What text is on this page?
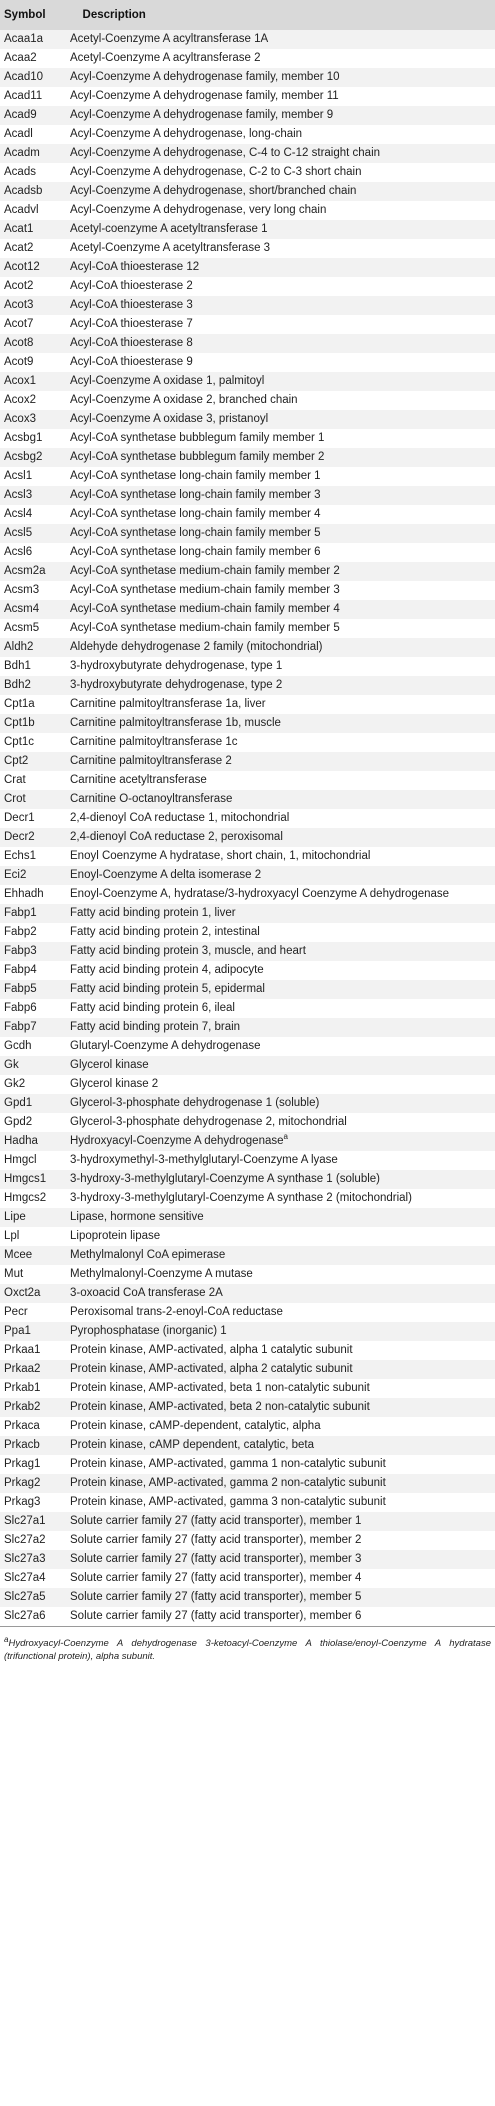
Symbol Description	
Acaa1a	Acetyl-Coenzyme A acyltransferase 1A
Acaa2	Acetyl-Coenzyme A acyltransferase 2
Acad10	Acyl-Coenzyme A dehydrogenase family, member 10
Acad11	Acyl-Coenzyme A dehydrogenase family, member 11
Acad9	Acyl-Coenzyme A dehydrogenase family, member 9
Acadl	Acyl-Coenzyme A dehydrogenase, long-chain
Acadm	Acyl-Coenzyme A dehydrogenase, C-4 to C-12 straight chain
Acads	Acyl-Coenzyme A dehydrogenase, C-2 to C-3 short chain
Acadsb	Acyl-Coenzyme A dehydrogenase, short/branched chain
Acadvl	Acyl-Coenzyme A dehydrogenase, very long chain
Acat1	Acetyl-coenzyme A acetyltransferase 1
Acat2	Acetyl-Coenzyme A acetyltransferase 3
Acot12	Acyl-CoA thioesterase 12
Acot2	Acyl-CoA thioesterase 2
Acot3	Acyl-CoA thioesterase 3
Acot7	Acyl-CoA thioesterase 7
Acot8	Acyl-CoA thioesterase 8
Acot9	Acyl-CoA thioesterase 9
Acox1	Acyl-Coenzyme A oxidase 1, palmitoyl
Acox2	Acyl-Coenzyme A oxidase 2, branched chain
Acox3	Acyl-Coenzyme A oxidase 3, pristanoyl
Acsbg1	Acyl-CoA synthetase bubblegum family member 1
Acsbg2	Acyl-CoA synthetase bubblegum family member 2
Acsl1	Acyl-CoA synthetase long-chain family member 1
Acsl3	Acyl-CoA synthetase long-chain family member 3
Acsl4	Acyl-CoA synthetase long-chain family member 4
Acsl5	Acyl-CoA synthetase long-chain family member 5
Acsl6	Acyl-CoA synthetase long-chain family member 6
Acsm2a	Acyl-CoA synthetase medium-chain family member 2
Acsm3	Acyl-CoA synthetase medium-chain family member 3
Acsm4	Acyl-CoA synthetase medium-chain family member 4
Acsm5	Acyl-CoA synthetase medium-chain family member 5
Aldh2	Aldehyde dehydrogenase 2 family (mitochondrial)
Bdh1	3-hydroxybutyrate dehydrogenase, type 1
Bdh2	3-hydroxybutyrate dehydrogenase, type 2
Cpt1a	Carnitine palmitoyltransferase 1a, liver
Cpt1b	Carnitine palmitoyltransferase 1b, muscle
Cpt1c	Carnitine palmitoyltransferase 1c
Cpt2	Carnitine palmitoyltransferase 2
Crat	Carnitine acetyltransferase
Crot	Carnitine O-octanoyltransferase
Decr1	2,4-dienoyl CoA reductase 1, mitochondrial
Decr2	2,4-dienoyl CoA reductase 2, peroxisomal
Echs1	Enoyl Coenzyme A hydratase, short chain, 1, mitochondrial
Eci2	Enoyl-Coenzyme A delta isomerase 2
Ehhadh	Enoyl-Coenzyme A, hydratase/3-hydroxyacyl Coenzyme A dehydrogenase
Fabp1	Fatty acid binding protein 1, liver
Fabp2	Fatty acid binding protein 2, intestinal
Fabp3	Fatty acid binding protein 3, muscle, and heart
Fabp4	Fatty acid binding protein 4, adipocyte
Fabp5	Fatty acid binding protein 5, epidermal
Fabp6	Fatty acid binding protein 6, ileal
Fabp7	Fatty acid binding protein 7, brain
Gcdh	Glutaryl-Coenzyme A dehydrogenase
Gk	Glycerol kinase
Gk2	Glycerol kinase 2
Gpd1	Glycerol-3-phosphate dehydrogenase 1 (soluble)
Gpd2	Glycerol-3-phosphate dehydrogenase 2, mitochondrial
Hadha	Hydroxyacyl-Coenzyme A dehydrogenase$^a$
Hmgcl	3-hydroxymethyl-3-methylglutaryl-Coenzyme A lyase
Hmgcs1	3-hydroxy-3-methylglutaryl-Coenzyme A synthase 1 (soluble)
Hmgcs2	3-hydroxy-3-methylglutaryl-Coenzyme A synthase 2 (mitochondrial)
Lipe	Lipase, hormone sensitive
Lpl	Lipoprotein lipase
Mcee	Methylmalonyl CoA epimerase
Mut	Methylmalonyl-Coenzyme A mutase
Oxct2a	3-oxoacid CoA transferase 2A
Pecr	Peroxisomal trans-2-enoyl-CoA reductase
Ppa1	Pyrophosphatase (inorganic) 1
Prkaa1	Protein kinase, AMP-activated, alpha 1 catalytic subunit
Prkaa2	Protein kinase, AMP-activated, alpha 2 catalytic subunit
Prkab1	Protein kinase, AMP-activated, beta 1 non-catalytic subunit
Prkab2	Protein kinase, AMP-activated, beta 2 non-catalytic subunit
Prkaca	Protein kinase, cAMP-dependent, catalytic, alpha
Prkacb	Protein kinase, cAMP dependent, catalytic, beta
Prkag1	Protein kinase, AMP-activated, gamma 1 non-catalytic subunit
Prkag2	Protein kinase, AMP-activated, gamma 2 non-catalytic subunit
Prkag3	Protein kinase, AMP-activated, gamma 3 non-catalytic subunit
Slc27a1	Solute carrier family 27 (fatty acid transporter), member 1
Slc27a2	Solute carrier family 27 (fatty acid transporter), member 2
Slc27a3	Solute carrier family 27 (fatty acid transporter), member 3
Slc27a4	Solute carrier family 27 (fatty acid transporter), member 4
Slc27a5	Solute carrier family 27 (fatty acid transporter), member 5
Slc27a6	Solute carrier family 27 (fatty acid transporter), member 6
$^a$Hydroxyacyl-Coenzyme A dehydrogenase 3-ketoacyl-Coenzyme A thiolase/enoyl-Coenzyme A hydratase (trifunctional protein), alpha subunit.
